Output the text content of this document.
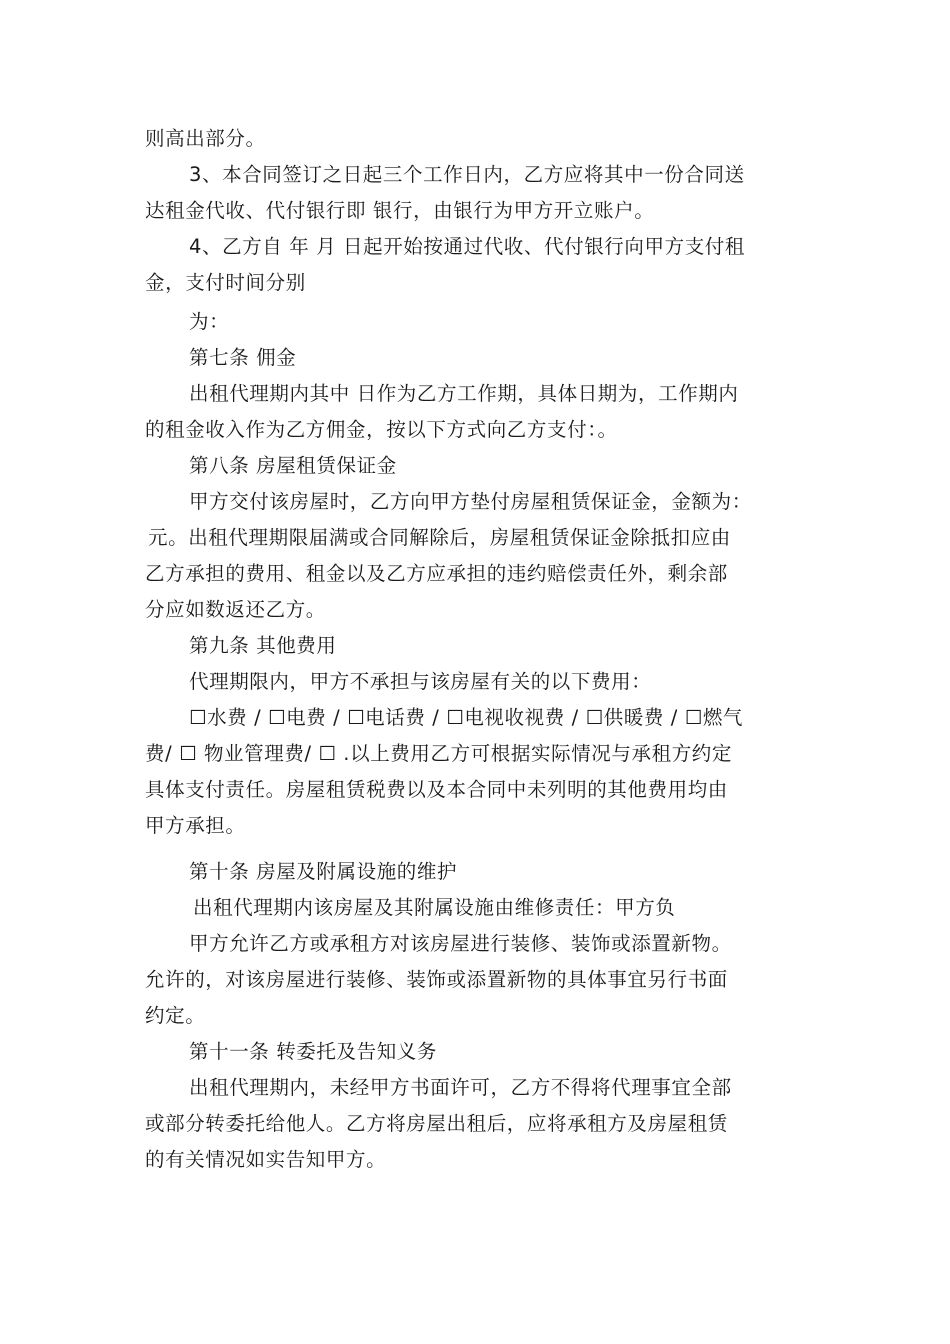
则高出部分。
3、本合同签订之日起三个工作日内，乙方应将其中一份合同送
达租金代收、代付银行即 银行，由银行为甲方开立账户。
4、乙方自 年 月 日起开始按通过代收、代付银行向甲方支付租
金，支付时间分别
为：
第七条 佣金
出租代理期内其中 日作为乙方工作期，具体日期为，工作期内
的租金收入作为乙方佣金，按以下方式向乙方支付：。
第八条 房屋租赁保证金
甲方交付该房屋时，乙方向甲方垫付房屋租赁保证金，金额为：
元。出租代理期限届满或合同解除后，房屋租赁保证金除抵扣应由
乙方承担的费用、租金以及乙方应承担的违约赔偿责任外，剩余部
分应如数返还乙方。
第九条 其他费用
代理期限内，甲方不承担与该房屋有关的以下费用：
☐水费 / ☐电费 / ☐电话费 / ☐电视收视费 / ☐供暖费 / ☐燃气
费/ ☐ 物业管理费/ ☐ .以上费用乙方可根据实际情况与承租方约定
具体支付责任。房屋租赁税费以及本合同中未列明的其他费用均由
甲方承担。
第十条 房屋及附属设施的维护
出租代理期内该房屋及其附属设施由维修责任：甲方负
甲方允许乙方或承租方对该房屋进行装修、装饰或添置新物。
允许的，对该房屋进行装修、装饰或添置新物的具体事宜另行书面
约定。
第十一条 转委托及告知义务
出租代理期内，未经甲方书面许可，乙方不得将代理事宜全部
或部分转委托给他人。乙方将房屋出租后，应将承租方及房屋租赁
的有关情况如实告知甲方。
